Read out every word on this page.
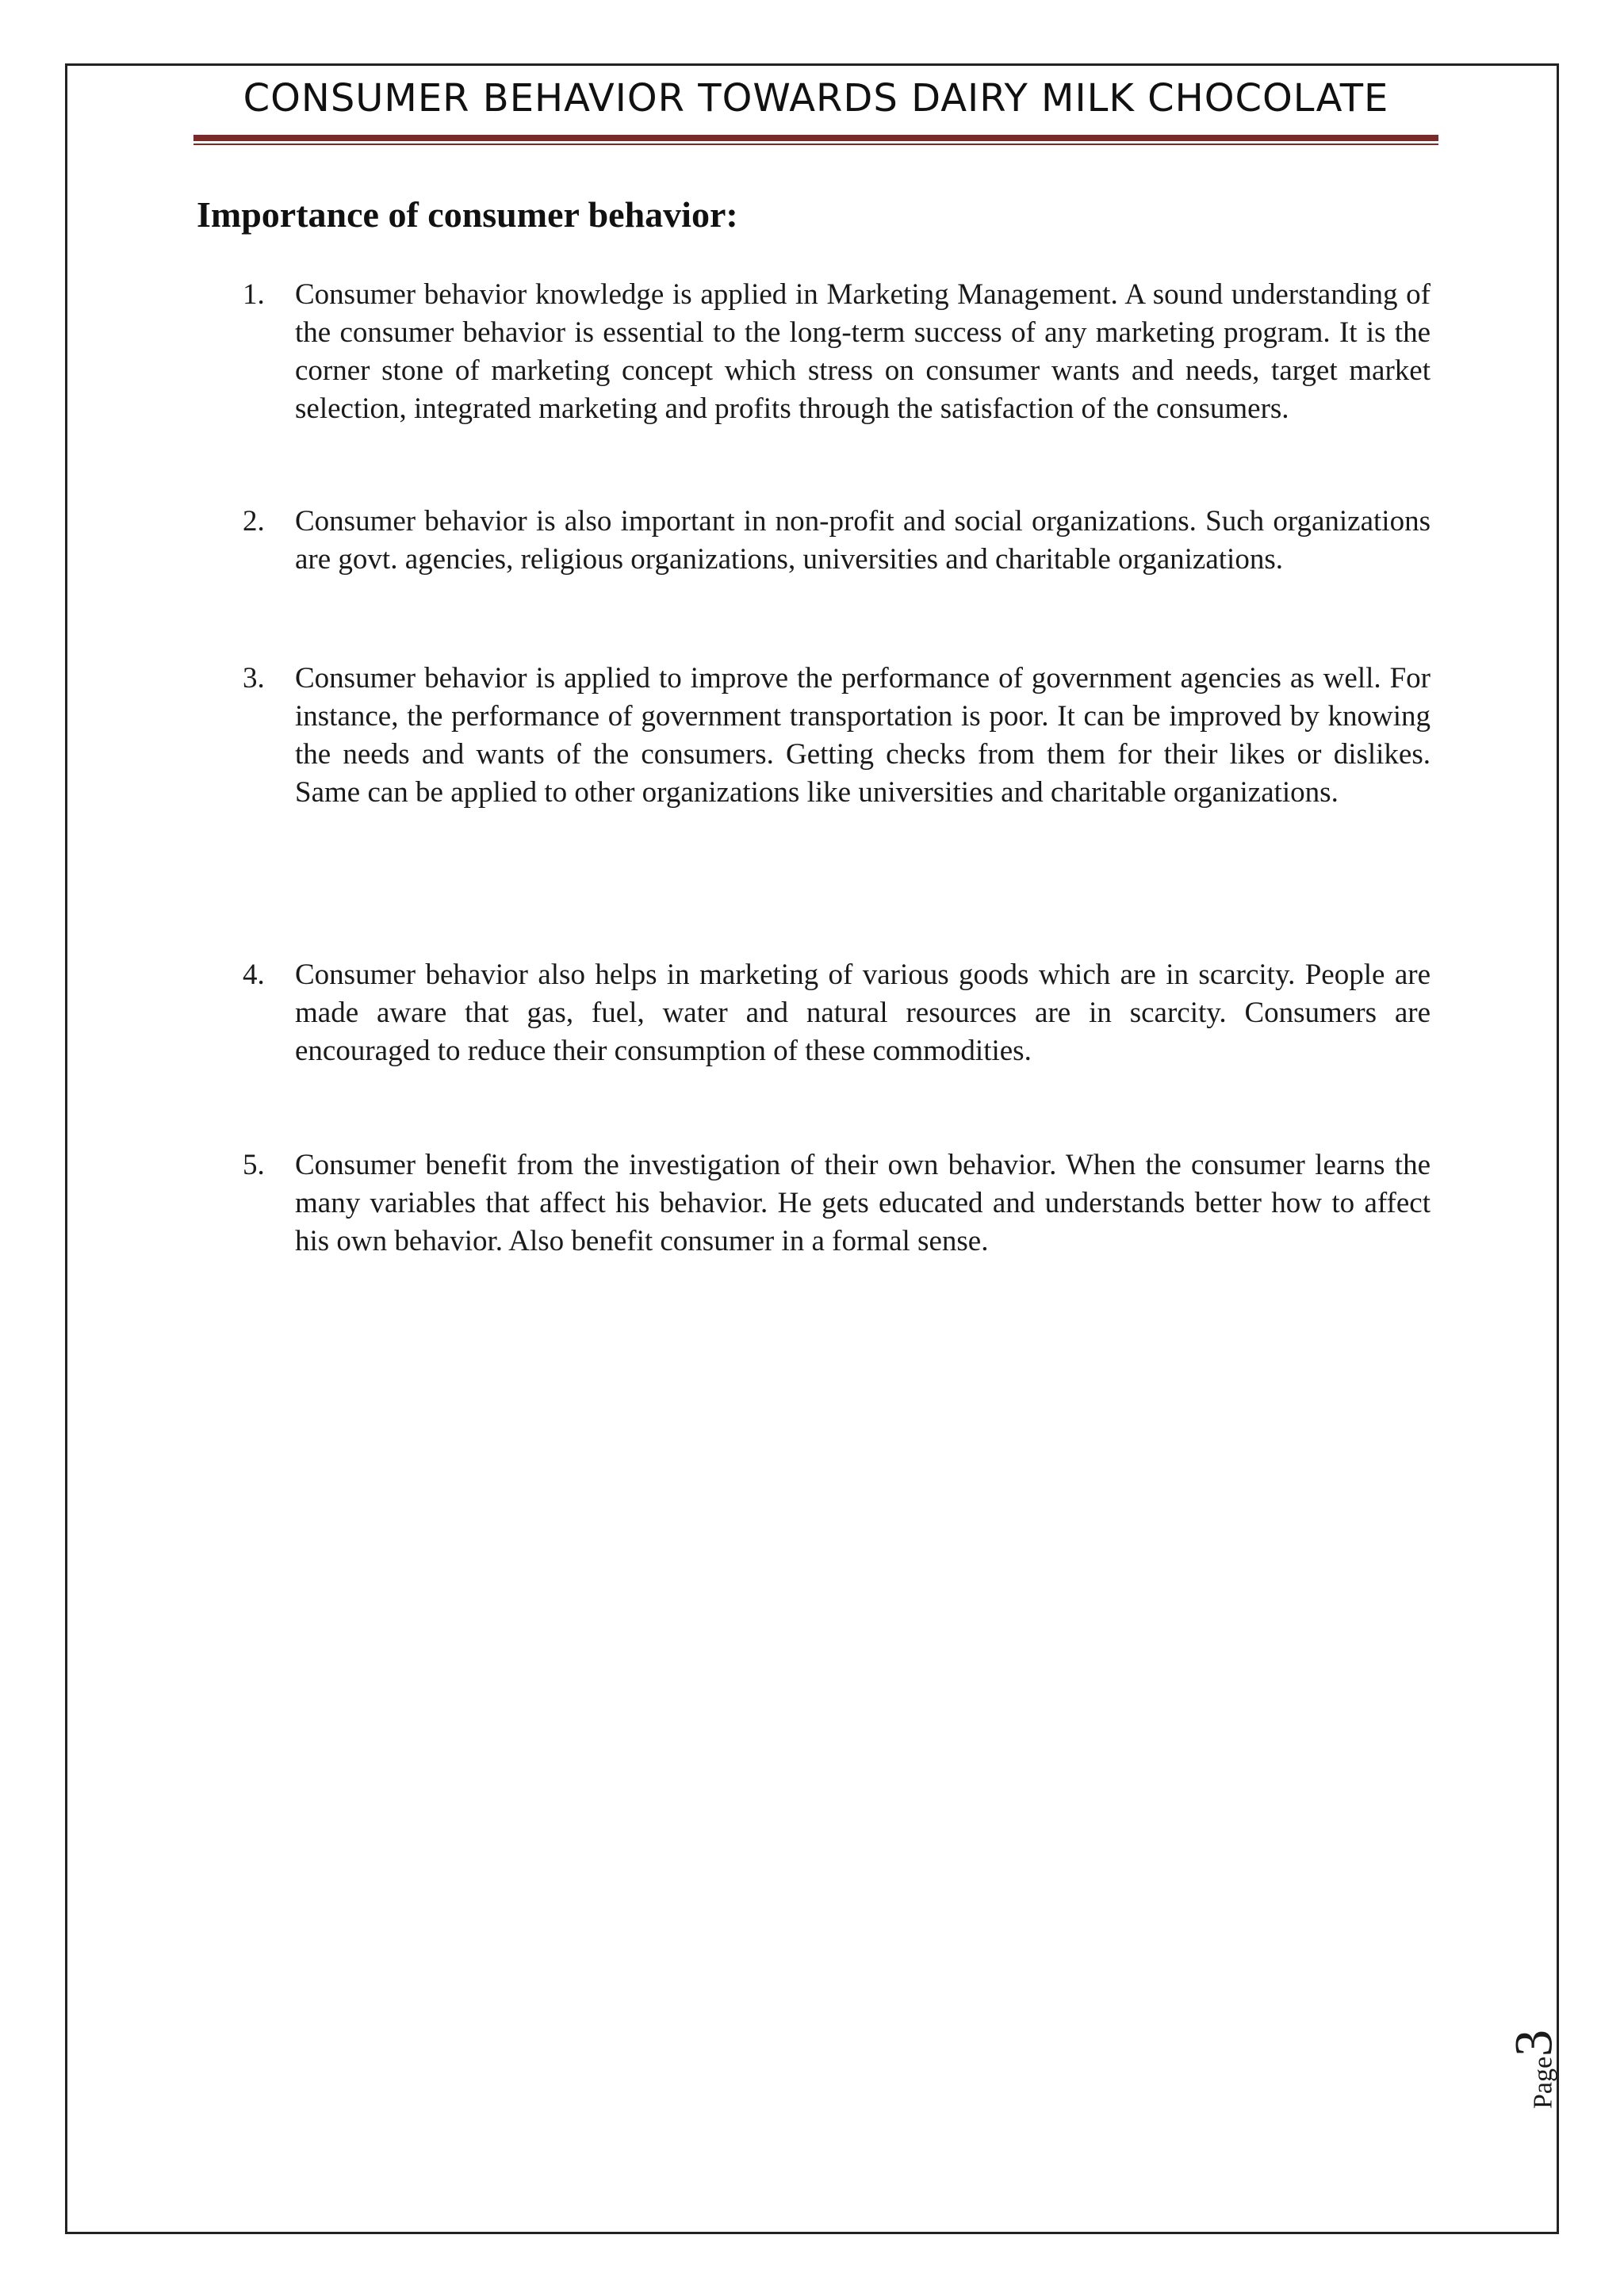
CONSUMER BEHAVIOR TOWARDS DAIRY MILK CHOCOLATE
Importance of consumer behavior:
1.	Consumer behavior knowledge is applied in Marketing Management. A sound understanding of the consumer behavior is essential to the long-term success of any marketing program. It is the corner stone of marketing concept which stress on consumer wants and needs, target market selection, integrated marketing and profits through the satisfaction of the consumers.
2.	Consumer behavior is also important in non-profit and social organizations. Such organizations are govt. agencies, religious organizations, universities and charitable organizations.
3.	Consumer behavior is applied to improve the performance of government agencies as well. For instance, the performance of government transportation is poor. It can be improved by knowing the needs and wants of the consumers. Getting checks from them for their likes or dislikes. Same can be applied to other organizations like universities and charitable organizations.
4.	Consumer behavior also helps in marketing of various goods which are in scarcity. People are made aware that gas, fuel, water and natural resources are in scarcity. Consumers are encouraged to reduce their consumption of these commodities.
5.	Consumer benefit from the investigation of their own behavior. When the consumer learns the many variables that affect his behavior. He gets educated and understands better how to affect his own behavior. Also benefit consumer in a formal sense.
Page3
